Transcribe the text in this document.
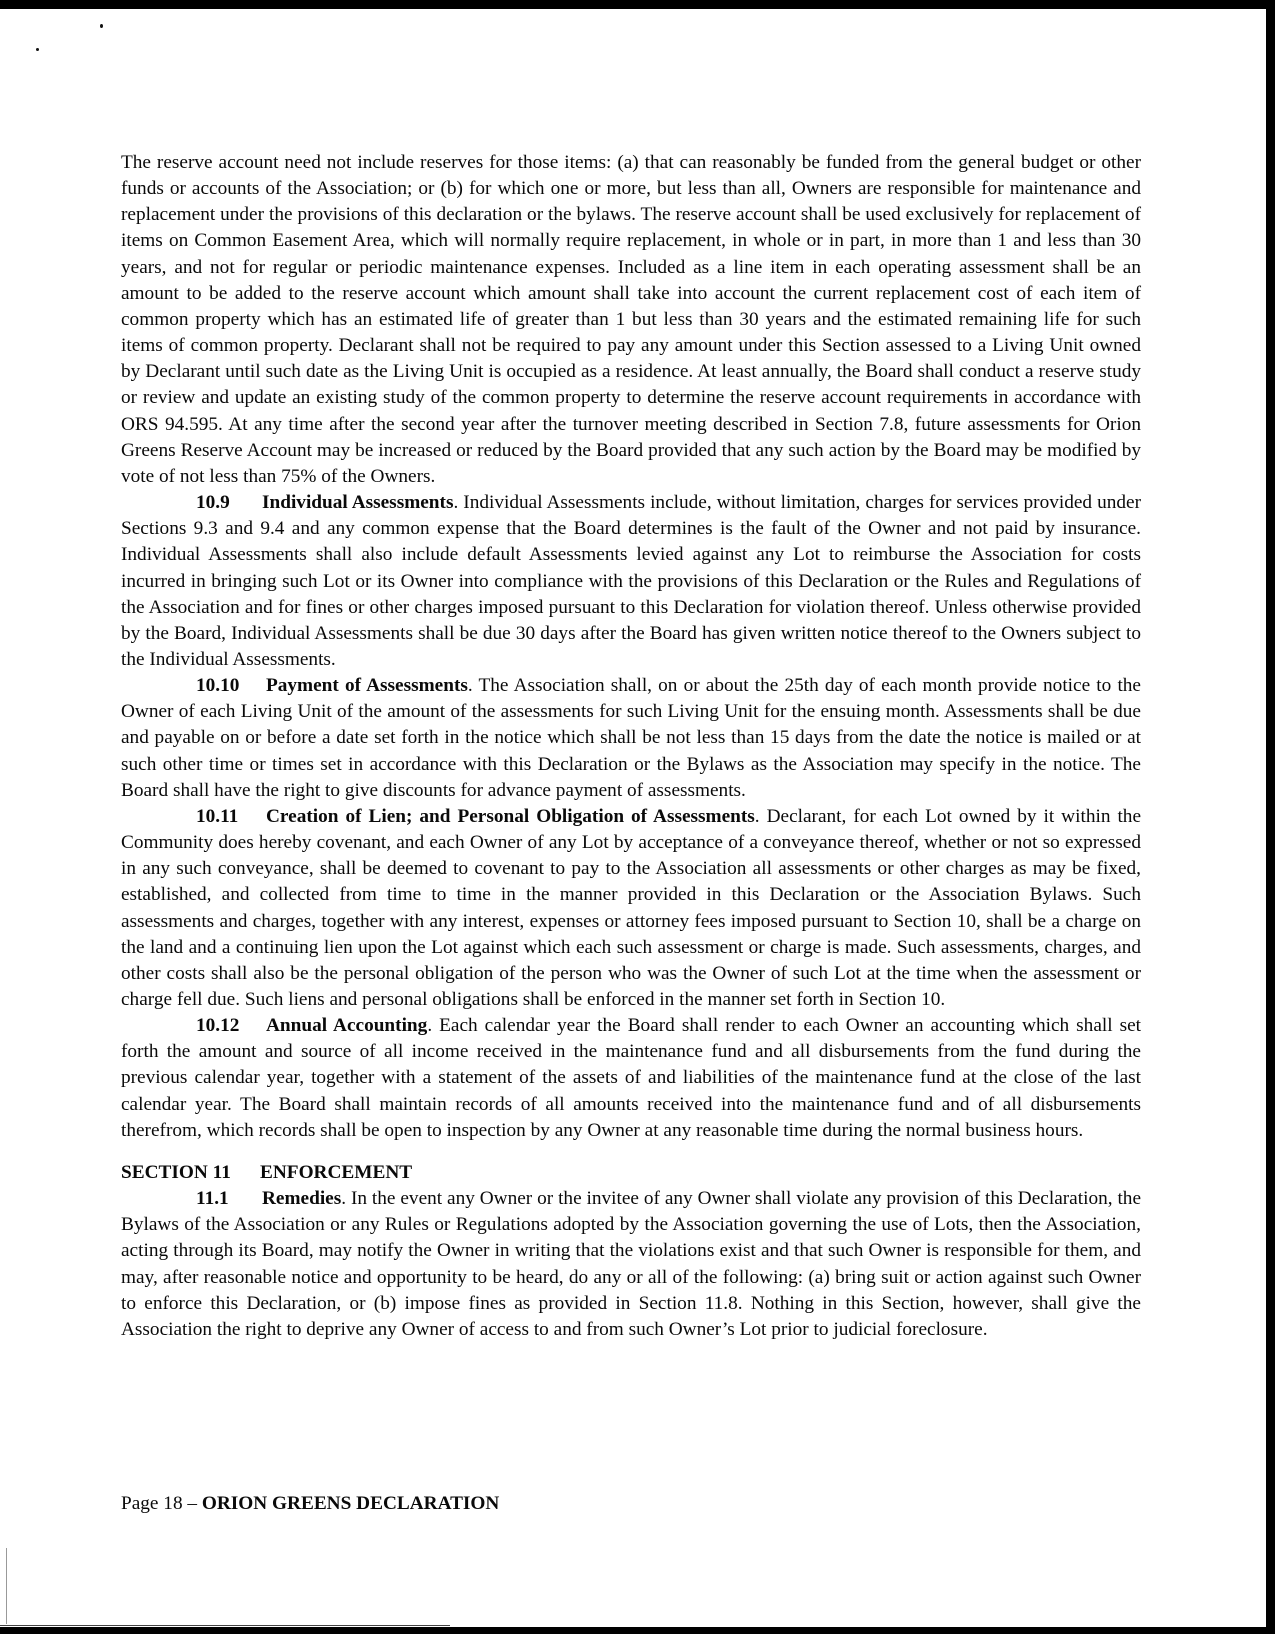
The reserve account need not include reserves for those items: (a) that can reasonably be funded from the general budget or other funds or accounts of the Association; or (b) for which one or more, but less than all, Owners are responsible for maintenance and replacement under the provisions of this declaration or the bylaws. The reserve account shall be used exclusively for replacement of items on Common Easement Area, which will normally require replacement, in whole or in part, in more than 1 and less than 30 years, and not for regular or periodic maintenance expenses. Included as a line item in each operating assessment shall be an amount to be added to the reserve account which amount shall take into account the current replacement cost of each item of common property which has an estimated life of greater than 1 but less than 30 years and the estimated remaining life for such items of common property. Declarant shall not be required to pay any amount under this Section assessed to a Living Unit owned by Declarant until such date as the Living Unit is occupied as a residence. At least annually, the Board shall conduct a reserve study or review and update an existing study of the common property to determine the reserve account requirements in accordance with ORS 94.595. At any time after the second year after the turnover meeting described in Section 7.8, future assessments for Orion Greens Reserve Account may be increased or reduced by the Board provided that any such action by the Board may be modified by vote of not less than 75% of the Owners.

10.9 Individual Assessments. Individual Assessments include, without limitation, charges for services provided under Sections 9.3 and 9.4 and any common expense that the Board determines is the fault of the Owner and not paid by insurance. Individual Assessments shall also include default Assessments levied against any Lot to reimburse the Association for costs incurred in bringing such Lot or its Owner into compliance with the provisions of this Declaration or the Rules and Regulations of the Association and for fines or other charges imposed pursuant to this Declaration for violation thereof. Unless otherwise provided by the Board, Individual Assessments shall be due 30 days after the Board has given written notice thereof to the Owners subject to the Individual Assessments.

10.10 Payment of Assessments. The Association shall, on or about the 25th day of each month provide notice to the Owner of each Living Unit of the amount of the assessments for such Living Unit for the ensuing month. Assessments shall be due and payable on or before a date set forth in the notice which shall be not less than 15 days from the date the notice is mailed or at such other time or times set in accordance with this Declaration or the Bylaws as the Association may specify in the notice. The Board shall have the right to give discounts for advance payment of assessments.

10.11 Creation of Lien; and Personal Obligation of Assessments. Declarant, for each Lot owned by it within the Community does hereby covenant, and each Owner of any Lot by acceptance of a conveyance thereof, whether or not so expressed in any such conveyance, shall be deemed to covenant to pay to the Association all assessments or other charges as may be fixed, established, and collected from time to time in the manner provided in this Declaration or the Association Bylaws. Such assessments and charges, together with any interest, expenses or attorney fees imposed pursuant to Section 10, shall be a charge on the land and a continuing lien upon the Lot against which each such assessment or charge is made. Such assessments, charges, and other costs shall also be the personal obligation of the person who was the Owner of such Lot at the time when the assessment or charge fell due. Such liens and personal obligations shall be enforced in the manner set forth in Section 10.

10.12 Annual Accounting. Each calendar year the Board shall render to each Owner an accounting which shall set forth the amount and source of all income received in the maintenance fund and all disbursements from the fund during the previous calendar year, together with a statement of the assets of and liabilities of the maintenance fund at the close of the last calendar year. The Board shall maintain records of all amounts received into the maintenance fund and of all disbursements therefrom, which records shall be open to inspection by any Owner at any reasonable time during the normal business hours.

SECTION 11 ENFORCEMENT

11.1 Remedies. In the event any Owner or the invitee of any Owner shall violate any provision of this Declaration, the Bylaws of the Association or any Rules or Regulations adopted by the Association governing the use of Lots, then the Association, acting through its Board, may notify the Owner in writing that the violations exist and that such Owner is responsible for them, and may, after reasonable notice and opportunity to be heard, do any or all of the following: (a) bring suit or action against such Owner to enforce this Declaration, or (b) impose fines as provided in Section 11.8. Nothing in this Section, however, shall give the Association the right to deprive any Owner of access to and from such Owner’s Lot prior to judicial foreclosure.

Page 18 – ORION GREENS DECLARATION
